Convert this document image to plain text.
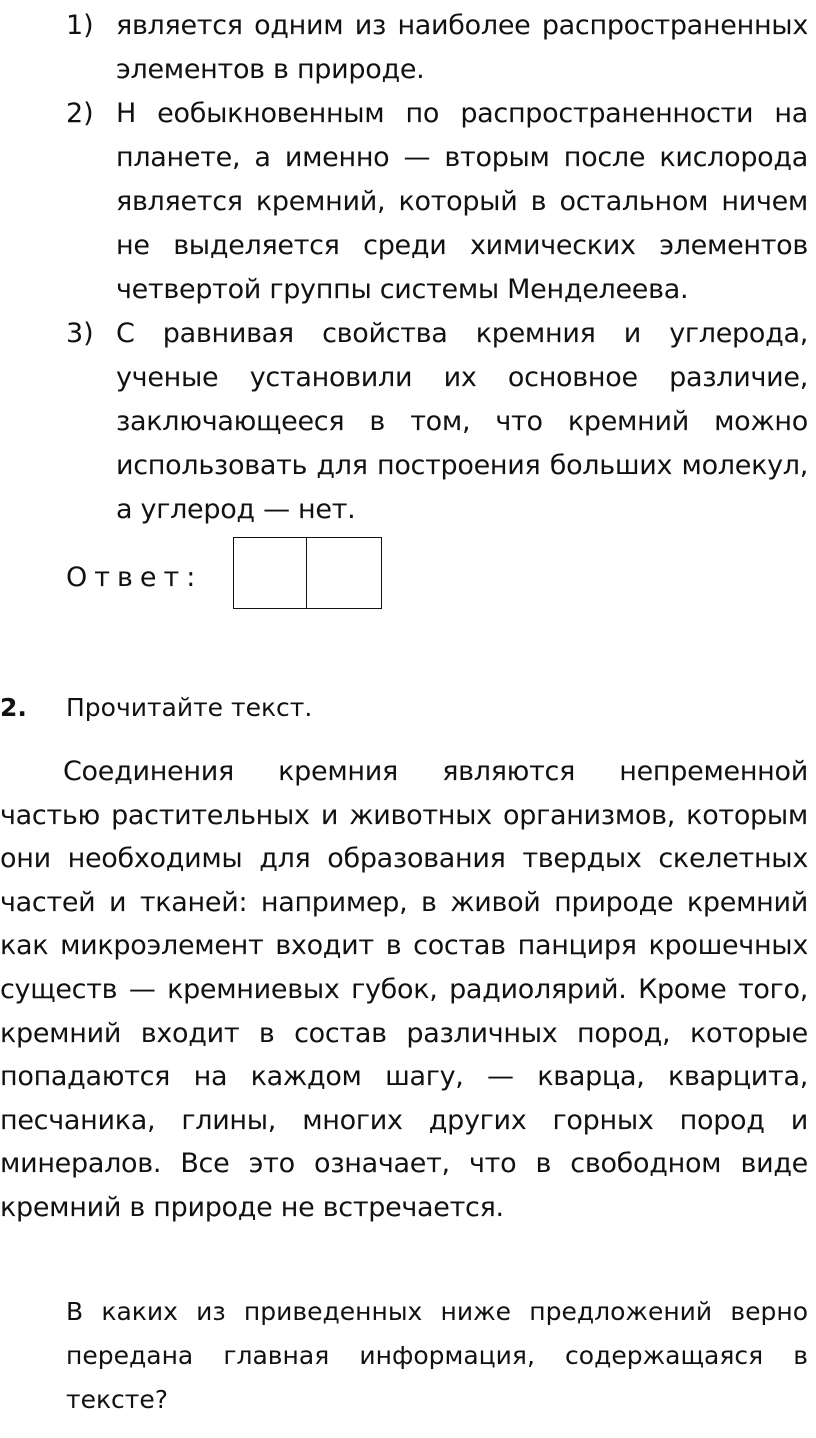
1) является одним из наиболее распространенных элементов в природе.
2) Н еобыкновенным по распространенности на планете, а именно — вторым после кислорода является кремний, который в остальном ничем не выделяется среди химических элементов четвертой группы системы Менделеева.
3) С равнивая свойства кремния и углерода, ученые установили их основное различие, заключающееся в том, что кремний можно использовать для построения больших молекул, а углерод — нет.
Ответ:
2. Прочитайте текст.

Соединения кремния являются непременной частью растительных и животных организмов, которым они необходимы для образования твердых скелетных частей и тканей: например, в живой природе кремний как микроэлемент входит в состав панциря крошечных существ — кремниевых губок, радиолярий. Кроме того, кремний входит в состав различных пород, которые попадаются на каждом шагу, — кварца, кварцита, песчаника, глины, многих других горных пород и минералов. Все это означает, что в свободном виде кремний в природе не встречается.

В каких из приведенных ниже предложений верно передана главная информация, содержащаяся в тексте?
